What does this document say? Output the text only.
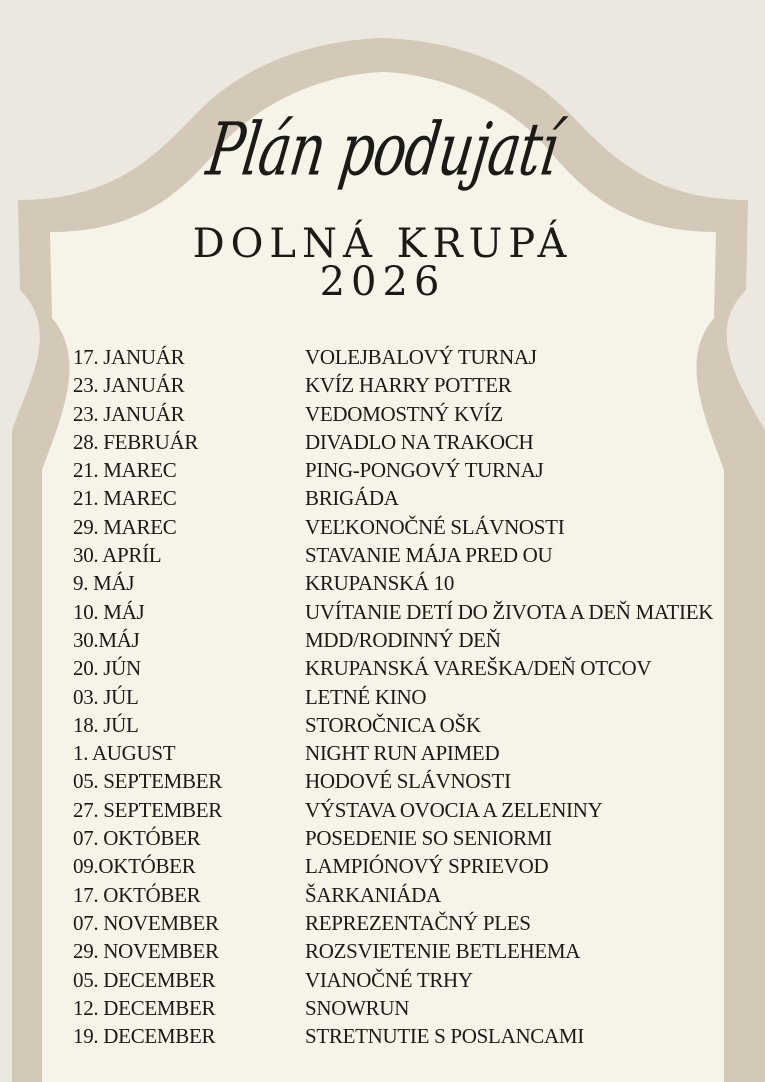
Plán podujatí
DOLNÁ KRUPÁ
2026
17. JANUÁR	VOLEJBALOVÝ TURNAJ
23. JANUÁR	KVÍZ HARRY POTTER
23. JANUÁR	VEDOMOSTNÝ KVÍZ
28. FEBRUÁR	DIVADLO NA TRAKOCH
21. MAREC	PING-PONGOVÝ TURNAJ
21. MAREC	BRIGÁDA
29. MAREC	VEĽKONOČNÉ SLÁVNOSTI
30. APRÍL	STAVANIE MÁJA PRED OU
9. MÁJ	KRUPANSKÁ 10
10. MÁJ	UVÍTANIE DETÍ DO ŽIVOTA A DEŇ MATIEK
30.MÁJ	MDD/RODINNÝ DEŇ
20. JÚN	KRUPANSKÁ VAREŠKA/DEŇ OTCOV
03. JÚL	LETNÉ KINO
18. JÚL	STOROČNICA OŠK
1. AUGUST	NIGHT RUN APIMED
05. SEPTEMBER	HODOVÉ SLÁVNOSTI
27. SEPTEMBER	VÝSTAVA OVOCIA A ZELENINY
07. OKTÓBER	POSEDENIE SO SENIORMI
09.OKTÓBER	LAMPIÓNOVÝ SPRIEVOD
17. OKTÓBER	ŠARKANIÁDA
07. NOVEMBER	REPREZENTAČNÝ PLES
29. NOVEMBER	ROZSVIETENIE BETLEHEMA
05. DECEMBER	VIANOČNÉ TRHY
12. DECEMBER	SNOWRUN
19. DECEMBER	STRETNUTIE S POSLANCAMI
